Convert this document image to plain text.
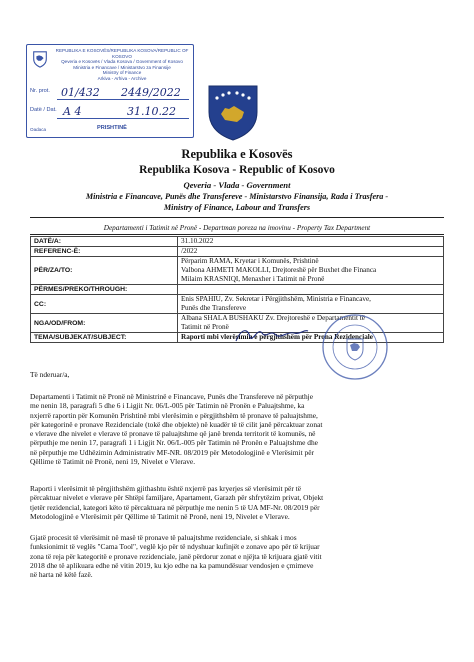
REPUBLIKA E KOSOVËS/REPUBLIKA KOSOVA/REPUBLIC OF KOSOVO
Qeveria e Kosovës / Vlada Kosova / Government of Kosovo
Ministria e Financave / Ministarstvo za Finansije
Ministry of Finance
Arkiva - Arhiva - Archive
Nr. prot. 01/432 2449/2022
Datë / Dat. A 4	31.10.22
PRISHTINË
Oadaca
Republika e Kosovës
Republika Kosova - Republic of Kosovo
Qeveria - Vlada - Government
Ministria e Financave, Punës dhe Transfereve - Ministarstvo Finansija, Rada i Trasfera -
Ministry of Finance, Labour and Transfers
Departamenti i Tatimit në Pronë - Departman poreza na imovinu - Property Tax Department
DATË/A:	31.10.2022
REFERENC-Ë:	/2022
PËR/ZA/TO:	Përparim RAMA, Kryetar i Komunës, Prishtinë
Valbona AHMETI MAKOLLI, Drejtoreshë për Buxhet dhe Financa
Milaim KRASNIQI, Menaxher i Tatimit në Pronë

PËRMES/PREKO/THROUGH:	
CC:	Enis SPAHIU, Zv. Sekretar i Përgjithshëm, Ministria e Financave,
Punës dhe Transfereve

NGA/OD/FROM:	Albana SHALA BUSHAKU Zv. Drejtoreshë e Departamentit të
Tatimit në Pronë

TEMA/SUBJEKAT/SUBJECT:	Raporti mbi vlerësimin e përgjithshëm për Prona Rezidenciale
Të nderuar/a,
Departamenti i Tatimit në Pronë në Ministrinë e Financave, Punës dhe Transfereve në përputhje
me nenin 18, paragrafi 5 dhe 6 i Ligjit Nr. 06/L-005 për Tatimin në Pronën e Paluajtshme, ka
nxjerrë raportin për Komunën Prishtinë mbi vlerësimin e përgjithshëm të pronave të paluajtshme,
për kategorinë e pronave Rezidenciale (tokë dhe objekte) në kuadër të të cilit janë përcaktuar zonat
e vlerave dhe nivelet e vlerave të pronave të paluajtshme që janë brenda territorit të komunës, në
përputhje me nenin 17, paragrafi 1 i Ligjit Nr. 06/L-005 për Tatimin në Pronën e Paluajtshme dhe
në përputhje me Udhëzimin Administrativ MF-NR. 08/2019 për Metodologjinë e Vlerësimit për
Qëllime të Tatimit në Pronë, neni 19, Nivelet e Vlerave.
Raporti i vlerësimit të përgjithshëm gjithashtu është nxjerrë pas kryerjes së vlerësimit për të
përcaktuar nivelet e vlerave për Shtëpi familjare, Apartament, Garazh për shfrytëzim privat, Objekt
tjetër rezidencial, kategori këto të përcaktuara në përputhje me nenin 5 të UA MF-Nr. 08/2019 për
Metodologjinë e Vlerësimit për Qëllime të Tatimit në Pronë, neni 19, Nivelet e Vlerave.
Gjatë procesit të vlerësimit në masë të pronave të paluajtshme rezidenciale, si shkak i mos
funksionimit të veglës "Cama Tool", veglë kjo për të ndyshuar kufinjët e zonave apo për të krijuar
zona të reja për kategoritë e pronave rezidenciale, janë përdorur zonat e njëjta të krijuara gjatë vitit
2018 dhe të aplikuara edhe në vitin 2019, ku kjo edhe na ka pamundësuar vendosjen e çmimeve
në harta në këtë fazë.
